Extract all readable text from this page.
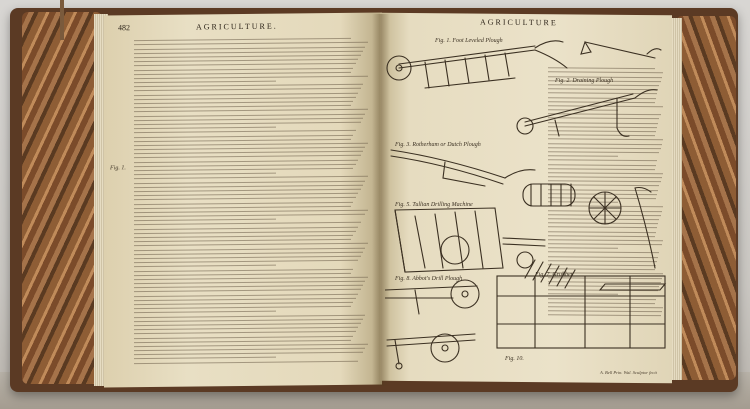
482	AGRICULTURE.
Fig. 1.
AGRICULTURE
Fig. 1. Foot Leveled Plough
Fig. 2. Draining Plough
Fig. 3. Rotherham or Dutch Plough
Fig. 5. Tullian Drilling Machine
Fig. 7. Grubber
Fig. 8. Abbot's Drill Plough
Fig. 10.
A. Bell Prin. Wal. Sculptor fecit
